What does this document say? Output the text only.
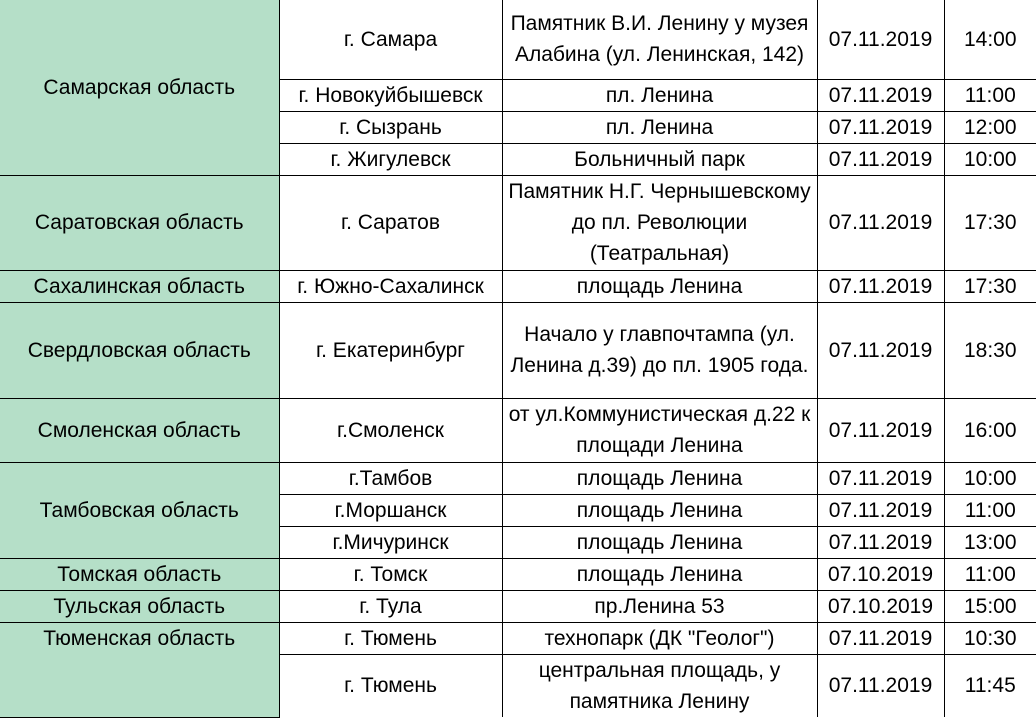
Самарская область	г. Самара	Памятник В.И. Ленину у музея Алабина (ул. Ленинская, 142)	07.11.2019	14:00
	г. Новокуйбышевск	пл. Ленина	07.11.2019	11:00
	г. Сызрань	пл. Ленина	07.11.2019	12:00
	г. Жигулевск	Больничный парк	07.11.2019	10:00
Саратовская область	г. Саратов	Памятник Н.Г. Чернышевскому до пл. Революции (Театральная)	07.11.2019	17:30
Сахалинская область	г. Южно-Сахалинск	площадь Ленина	07.11.2019	17:30
Свердловская область	г. Екатеринбург	Начало у главпочтампа (ул. Ленина д.39) до пл. 1905 года.	07.11.2019	18:30
Смоленская область	г.Смоленск	от ул.Коммунистическая д.22 к площади Ленина	07.11.2019	16:00
Тамбовская область	г.Тамбов	площадь Ленина	07.11.2019	10:00
	г.Моршанск	площадь Ленина	07.11.2019	11:00
	г.Мичуринск	площадь Ленина	07.11.2019	13:00
Томская область	г. Томск	площадь Ленина	07.10.2019	11:00
Тульская область	г. Тула	пр.Ленина 53	07.10.2019	15:00
Тюменская область	г. Тюмень	технопарк (ДК "Геолог")	07.11.2019	10:30
	г. Тюмень	центральная площадь, у памятника Ленину	07.11.2019	11:45
